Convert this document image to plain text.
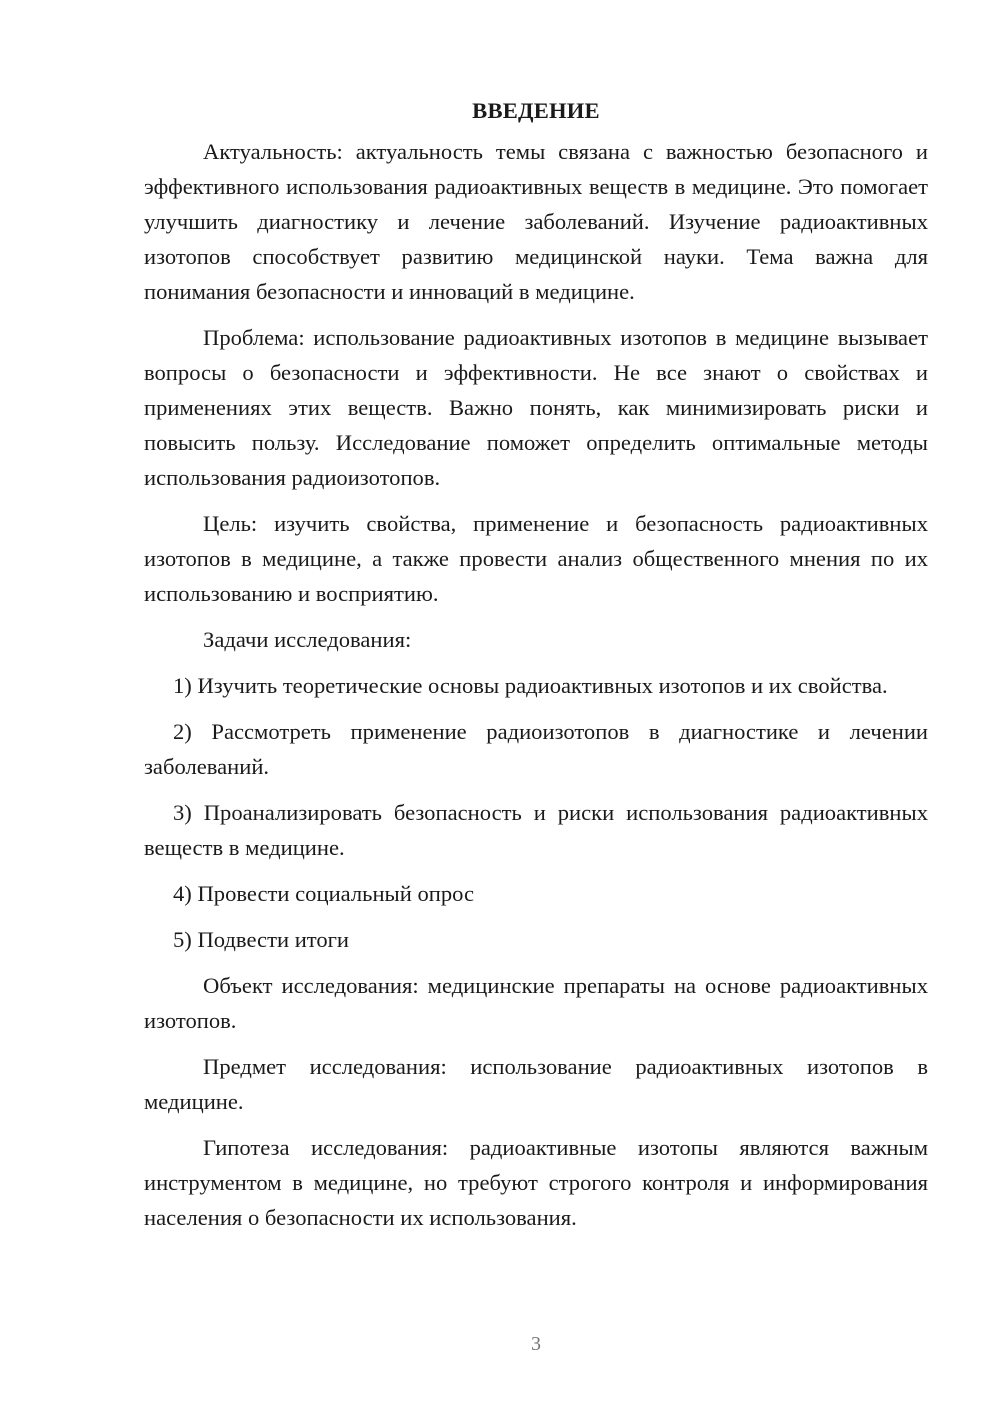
ВВЕДЕНИЕ

Актуальность: актуальность темы связана с важностью безопасного и эффективного использования радиоактивных веществ в медицине. Это помогает улучшить диагностику и лечение заболеваний. Изучение радиоактивных изотопов способствует развитию медицинской науки. Тема важна для понимания безопасности и инноваций в медицине.

Проблема: использование радиоактивных изотопов в медицине вызывает вопросы о безопасности и эффективности. Не все знают о свойствах и применениях этих веществ. Важно понять, как минимизировать риски и повысить пользу. Исследование поможет определить оптимальные методы использования радиоизотопов.

Цель: изучить свойства, применение и безопасность радиоактивных изотопов в медицине, а также провести анализ общественного мнения по их использованию и восприятию.

Задачи исследования:

1) Изучить теоретические основы радиоактивных изотопов и их свойства.

2) Рассмотреть применение радиоизотопов в диагностике и лечении заболеваний.

3) Проанализировать безопасность и риски использования радиоактивных веществ в медицине.

4) Провести социальный опрос

5) Подвести итоги

Объект исследования: медицинские препараты на основе радиоактивных изотопов.

Предмет исследования: использование радиоактивных изотопов в медицине.

Гипотеза исследования: радиоактивные изотопы являются важным инструментом в медицине, но требуют строгого контроля и информирования населения о безопасности их использования.

3
